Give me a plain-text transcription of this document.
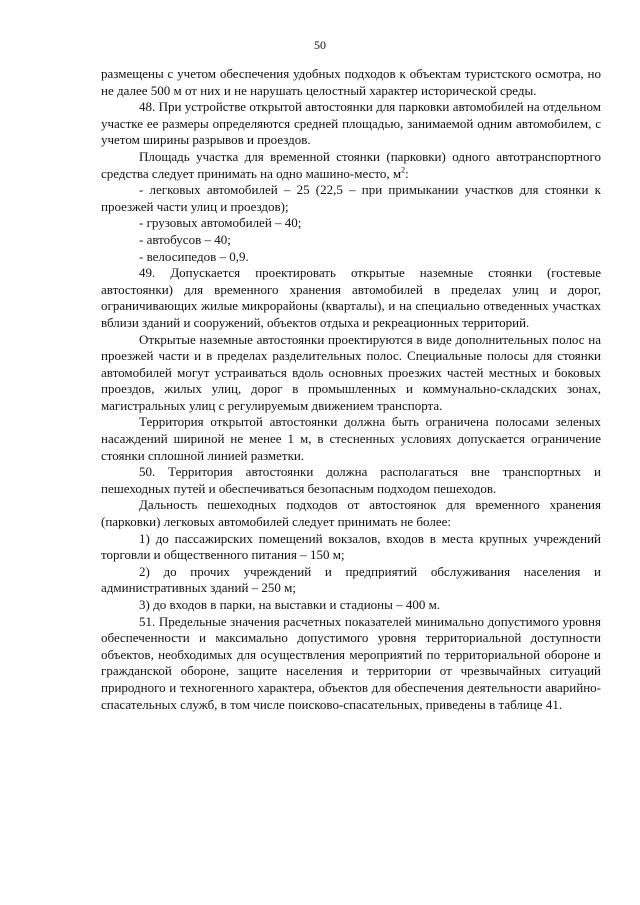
50

размещены с учетом обеспечения удобных подходов к объектам туристского осмотра, но не далее 500 м от них и не нарушать целостный характер исторической среды.

48. При устройстве открытой автостоянки для парковки автомобилей на отдельном участке ее размеры определяются средней площадью, занимаемой одним автомобилем, с учетом ширины разрывов и проездов.

Площадь участка для временной стоянки (парковки) одного автотранспортного средства следует принимать на одно машино-место, $м^2$:

- легковых автомобилей – 25 (22,5 – при примыкании участков для стоянки к проезжей части улиц и проездов);

- грузовых автомобилей – 40;

- автобусов – 40;

- велосипедов – 0,9.

49. Допускается проектировать открытые наземные стоянки (гостевые автостоянки) для временного хранения автомобилей в пределах улиц и дорог, ограничивающих жилые микрорайоны (кварталы), и на специально отведенных участках вблизи зданий и сооружений, объектов отдыха и рекреационных территорий.

Открытые наземные автостоянки проектируются в виде дополнительных полос на проезжей части и в пределах разделительных полос. Специальные полосы для стоянки автомобилей могут устраиваться вдоль основных проезжих частей местных и боковых проездов, жилых улиц, дорог в промышленных и коммунально-складских зонах, магистральных улиц с регулируемым движением транспорта.

Территория открытой автостоянки должна быть ограничена полосами зеленых насаждений шириной не менее 1 м, в стесненных условиях допускается ограничение стоянки сплошной линией разметки.

50. Территория автостоянки должна располагаться вне транспортных и пешеходных путей и обеспечиваться безопасным подходом пешеходов.

Дальность пешеходных подходов от автостоянок для временного хранения (парковки) легковых автомобилей следует принимать не более:

1) до пассажирских помещений вокзалов, входов в места крупных учреждений торговли и общественного питания – 150 м;

2) до прочих учреждений и предприятий обслуживания населения и административных зданий – 250 м;

3) до входов в парки, на выставки и стадионы – 400 м.

51. Предельные значения расчетных показателей минимально допустимого уровня обеспеченности и максимально допустимого уровня территориальной доступности объектов, необходимых для осуществления мероприятий по территориальной обороне и гражданской обороне, защите населения и территории от чрезвычайных ситуаций природного и техногенного характера, объектов для обеспечения деятельности аварийно-спасательных служб, в том числе поисково-спасательных, приведены в таблице 41.
